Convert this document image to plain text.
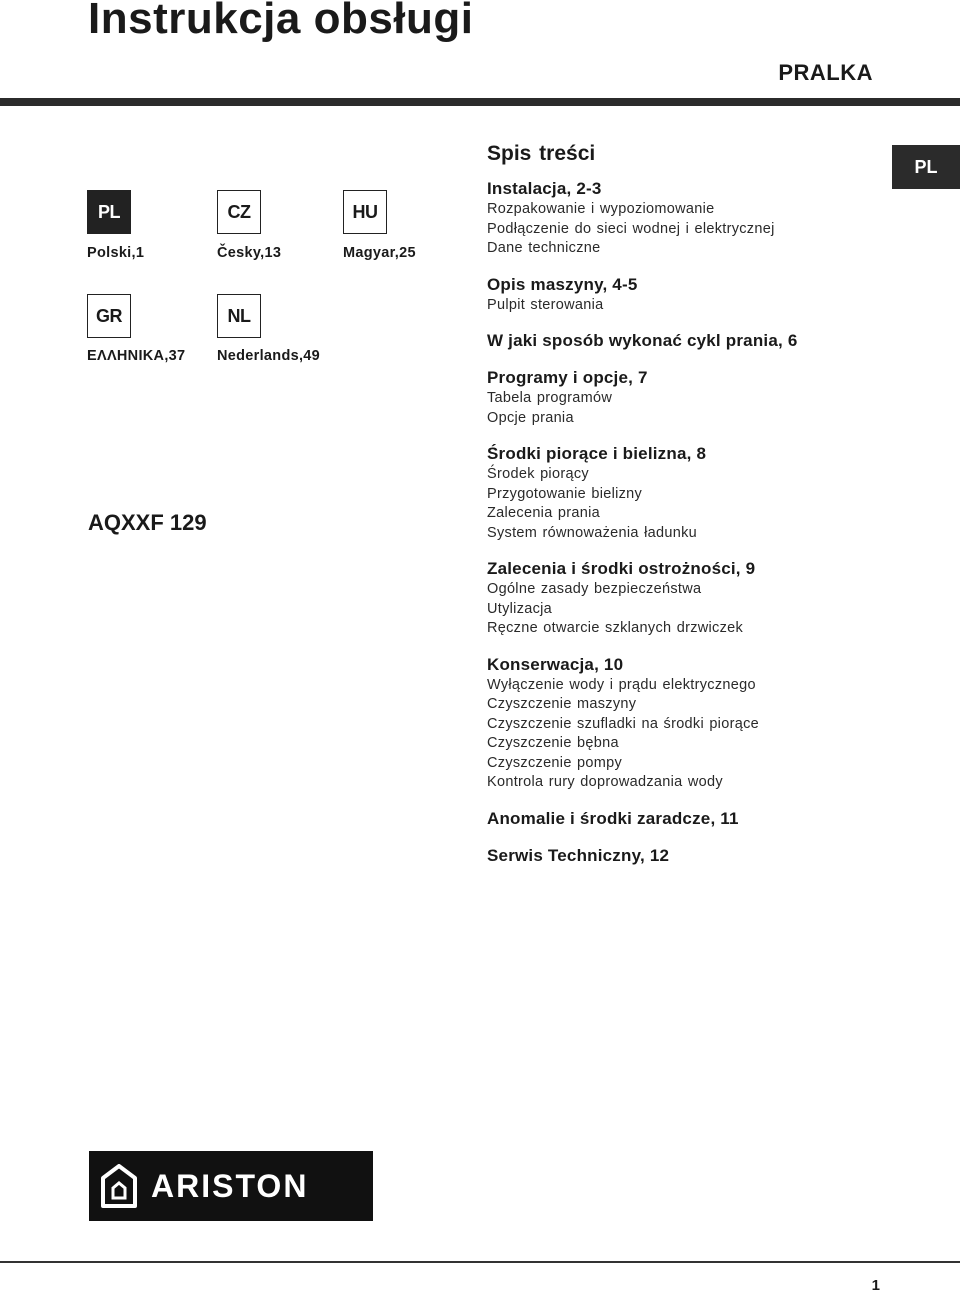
Instrukcja obsługi
PRALKA
PL
PL
Polski,1
CZ
Česky,13
HU
Magyar,25
GR
ΕΛΛΗΝΙΚΑ,37
NL
Nederlands,49
AQXXF 129
Spis treści
Instalacja, 2-3
Rozpakowanie i wypoziomowanie
Podłączenie do sieci wodnej i elektrycznej
Dane techniczne
Opis maszyny, 4-5
Pulpit sterowania
W jaki sposób wykonać cykl prania, 6
Programy i opcje, 7
Tabela programów
Opcje prania
Środki piorące i bielizna, 8
Środek piorący
Przygotowanie bielizny
Zalecenia prania
System równoważenia ładunku
Zalecenia i środki ostrożności, 9
Ogólne zasady bezpieczeństwa
Utylizacja
Ręczne otwarcie szklanych drzwiczek
Konserwacja, 10
Wyłączenie wody i prądu elektrycznego
Czyszczenie maszyny
Czyszczenie szufladki na środki piorące
Czyszczenie bębna
Czyszczenie pompy
Kontrola rury doprowadzania wody
Anomalie i środki zaradcze, 11
Serwis Techniczny, 12
ARISTON
1
